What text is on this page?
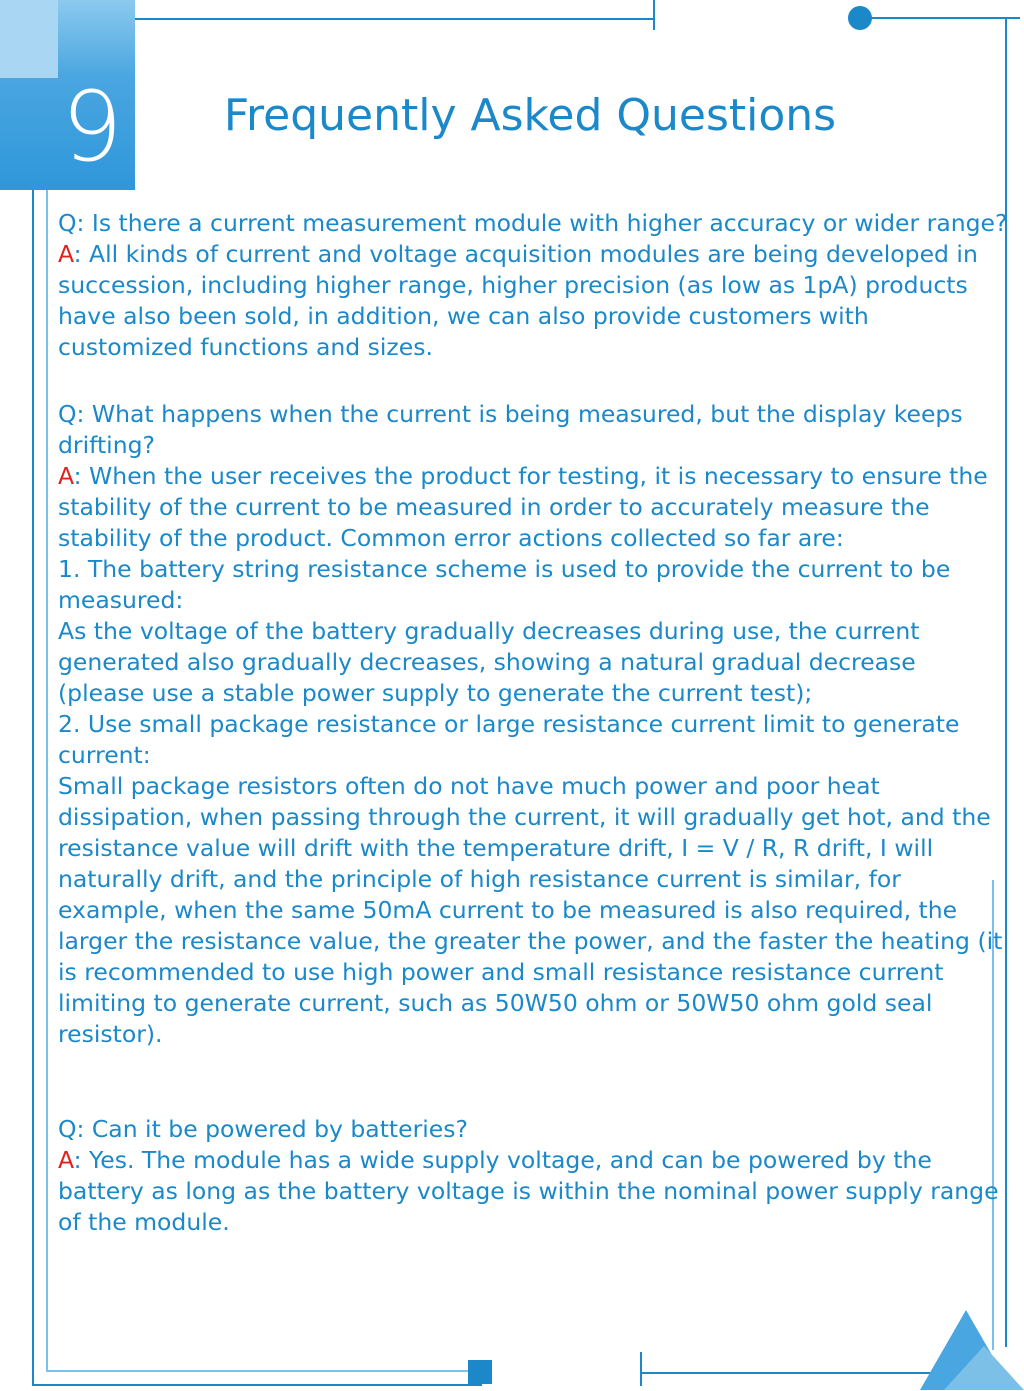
9	Frequently Asked Questions
Q: Is there a current measurement module with higher accuracy or wider range?
A: All kinds of current and voltage acquisition modules are being developed in succession, including higher range, higher precision (as low as 1pA) products have also been sold, in addition, we can also provide customers with customized functions and sizes.
Q: What happens when the current is being measured, but the display keeps drifting?
A: When the user receives the product for testing, it is necessary to ensure the stability of the current to be measured in order to accurately measure the stability of the product. Common error actions collected so far are:
1. The battery string resistance scheme is used to provide the current to be measured:
As the voltage of the battery gradually decreases during use, the current generated also gradually decreases, showing a natural gradual decrease (please use a stable power supply to generate the current test);
2. Use small package resistance or large resistance current limit to generate current:
Small package resistors often do not have much power and poor heat dissipation, when passing through the current, it will gradually get hot, and the resistance value will drift with the temperature drift, I = V / R, R drift, I will naturally drift, and the principle of high resistance current is similar, for example, when the same 50mA current to be measured is also required, the larger the resistance value, the greater the power, and the faster the heating (it is recommended to use high power and small resistance resistance current limiting to generate current, such as 50W50 ohm or 50W50 ohm gold seal resistor).
Q: Can it be powered by batteries?
A: Yes. The module has a wide supply voltage, and can be powered by the battery as long as the battery voltage is within the nominal power supply range of the module.
